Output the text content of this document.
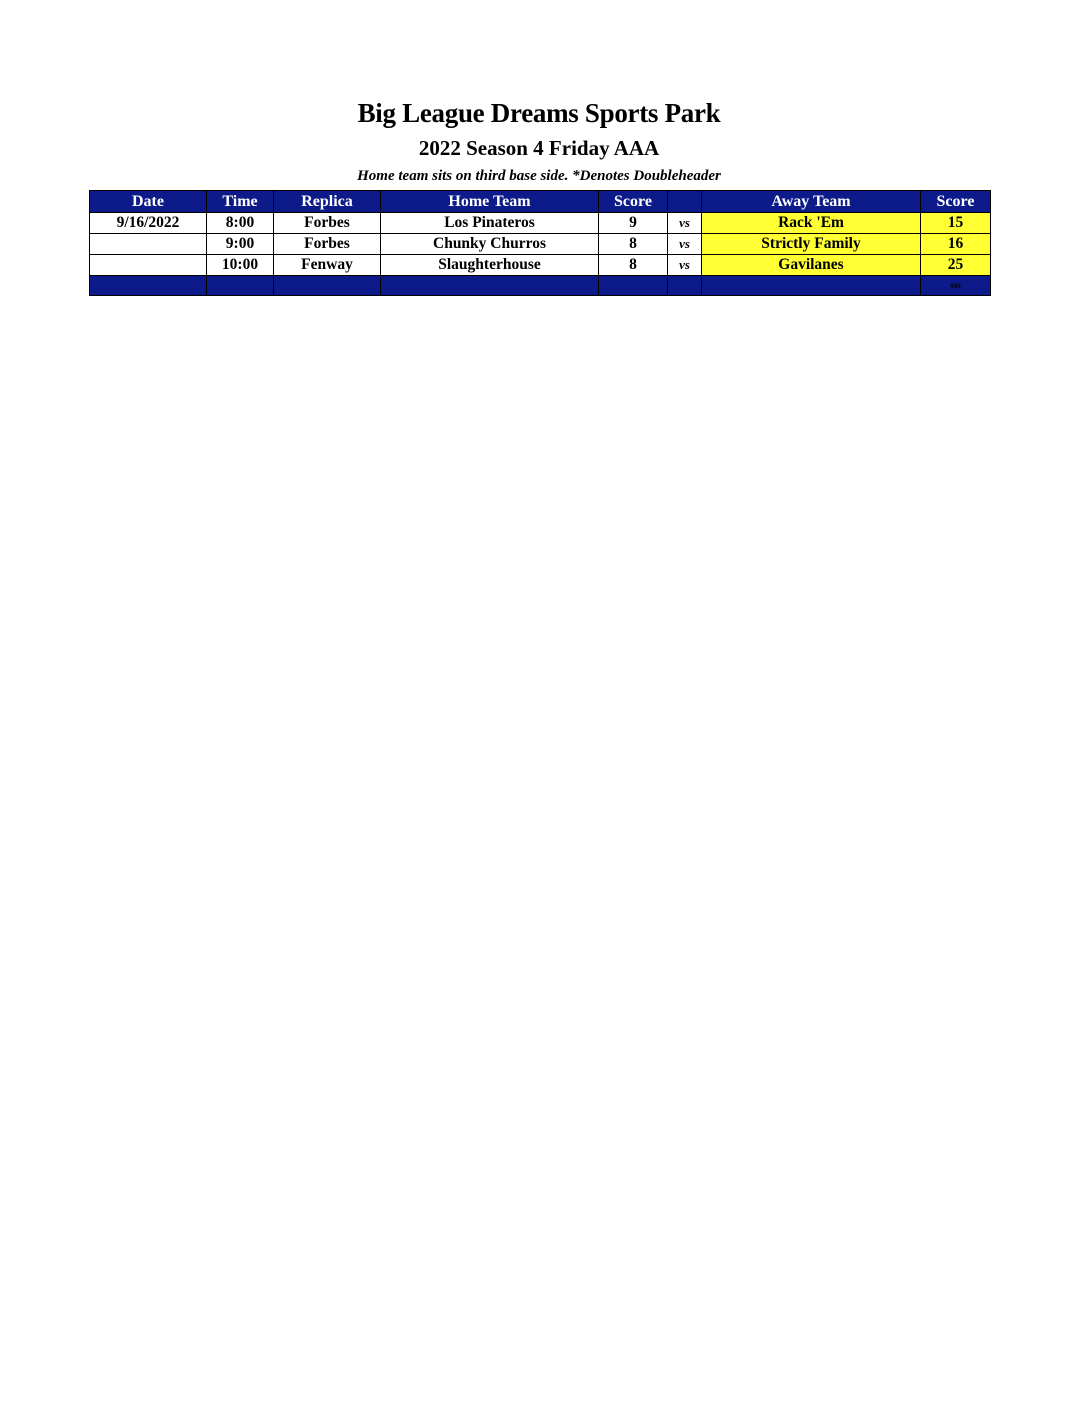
Big League Dreams Sports Park
2022 Season 4 Friday AAA
Home team sits on third base side. *Denotes Doubleheader
Date	Time	Replica	Home Team	Score		Away Team	Score
9/16/2022	8:00	Forbes	Los Pinateros	9	vs	Rack 'Em	15
	9:00	Forbes	Chunky Churros	8	vs	Strictly Family	16
	10:00	Fenway	Slaughterhouse	8	vs	Gavilanes	25
							sss
